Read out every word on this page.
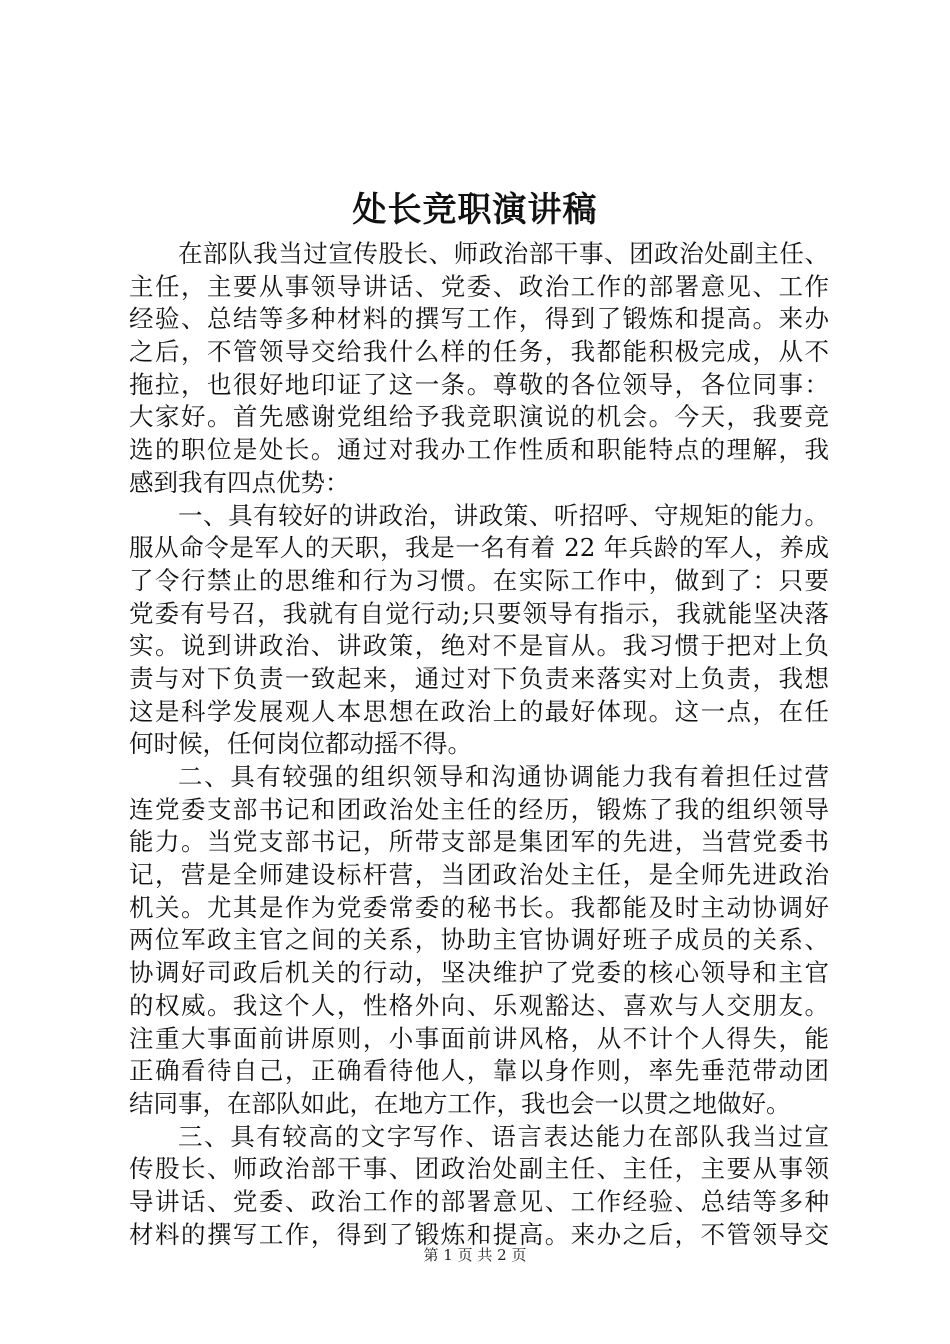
处长竞职演讲稿
在部队我当过宣传股长、师政治部干事、团政治处副主任、
主任，主要从事领导讲话、党委、政治工作的部署意见、工作
经验、总结等多种材料的撰写工作，得到了锻炼和提高。来办
之后，不管领导交给我什么样的任务，我都能积极完成，从不
拖拉，也很好地印证了这一条。尊敬的各位领导，各位同事：
大家好。首先感谢党组给予我竞职演说的机会。今天，我要竞
选的职位是处长。通过对我办工作性质和职能特点的理解，我
感到我有四点优势：
一、具有较好的讲政治，讲政策、听招呼、守规矩的能力。
服从命令是军人的天职，我是一名有着 22 年兵龄的军人，养成
了令行禁止的思维和行为习惯。在实际工作中，做到了：只要
党委有号召，我就有自觉行动;只要领导有指示，我就能坚决落
实。说到讲政治、讲政策，绝对不是盲从。我习惯于把对上负
责与对下负责一致起来，通过对下负责来落实对上负责，我想
这是科学发展观人本思想在政治上的最好体现。这一点，在任
何时候，任何岗位都动摇不得。
二、具有较强的组织领导和沟通协调能力我有着担任过营
连党委支部书记和团政治处主任的经历，锻炼了我的组织领导
能力。当党支部书记，所带支部是集团军的先进，当营党委书
记，营是全师建设标杆营，当团政治处主任，是全师先进政治
机关。尤其是作为党委常委的秘书长。我都能及时主动协调好
两位军政主官之间的关系，协助主官协调好班子成员的关系、
协调好司政后机关的行动，坚决维护了党委的核心领导和主官
的权威。我这个人，性格外向、乐观豁达、喜欢与人交朋友。
注重大事面前讲原则，小事面前讲风格，从不计个人得失，能
正确看待自己，正确看待他人，靠以身作则，率先垂范带动团
结同事，在部队如此，在地方工作，我也会一以贯之地做好。
三、具有较高的文字写作、语言表达能力在部队我当过宣
传股长、师政治部干事、团政治处副主任、主任，主要从事领
导讲话、党委、政治工作的部署意见、工作经验、总结等多种
材料的撰写工作，得到了锻炼和提高。来办之后，不管领导交
第 1 页 共 2 页
